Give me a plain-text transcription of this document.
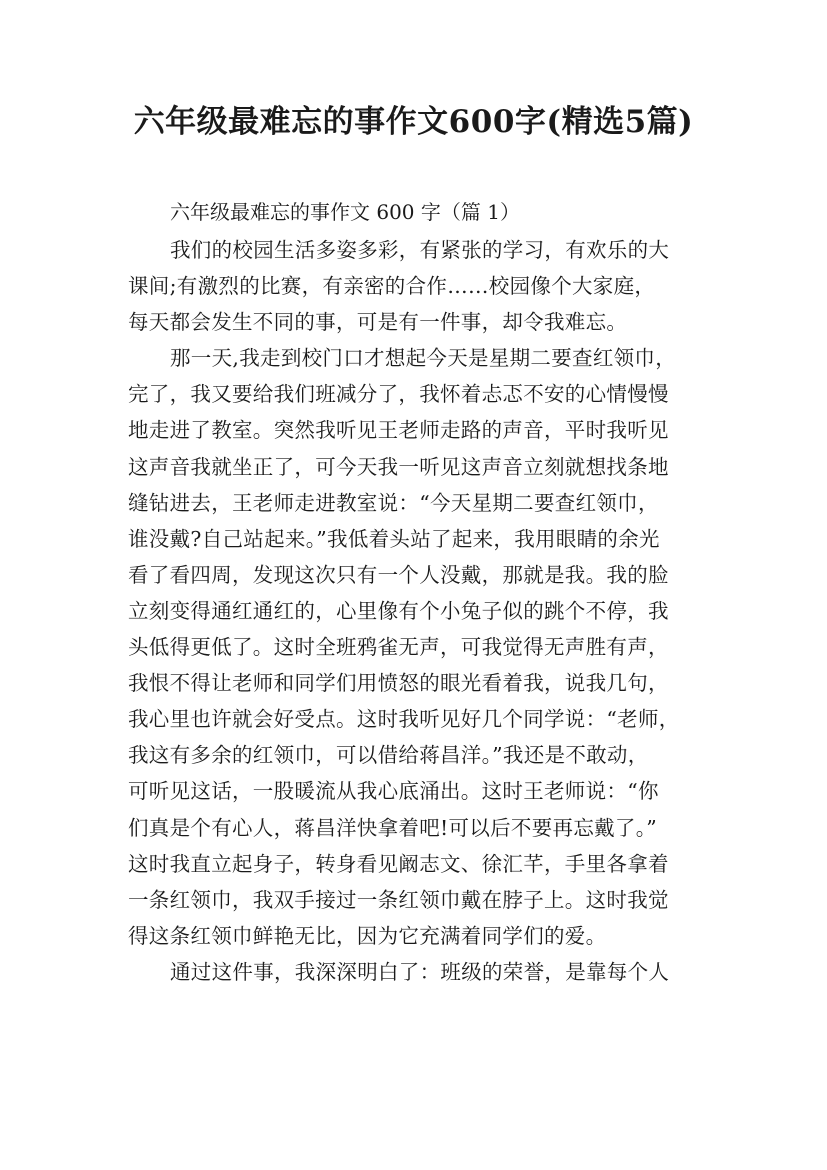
六年级最难忘的事作文600字(精选5篇)

六年级最难忘的事作文 600 字（篇 1）

我们的校园生活多姿多彩，有紧张的学习，有欢乐的大
课间;有激烈的比赛，有亲密的合作……校园像个大家庭，
每天都会发生不同的事，可是有一件事，却令我难忘。

那一天,我走到校门口才想起今天是星期二要查红领巾，
完了，我又要给我们班减分了，我怀着忐忑不安的心情慢慢
地走进了教室。突然我听见王老师走路的声音，平时我听见
这声音我就坐正了，可今天我一听见这声音立刻就想找条地
缝钻进去，王老师走进教室说：“今天星期二要查红领巾，
谁没戴?自己站起来。”我低着头站了起来，我用眼睛的余光
看了看四周，发现这次只有一个人没戴，那就是我。我的脸
立刻变得通红通红的，心里像有个小兔子似的跳个不停，我
头低得更低了。这时全班鸦雀无声，可我觉得无声胜有声，
我恨不得让老师和同学们用愤怒的眼光看着我，说我几句，
我心里也许就会好受点。这时我听见好几个同学说：“老师，
我这有多余的红领巾，可以借给蒋昌洋。”我还是不敢动，
可听见这话，一股暖流从我心底涌出。这时王老师说：“你
们真是个有心人，蒋昌洋快拿着吧!可以后不要再忘戴了。”
这时我直立起身子，转身看见阚志文、徐汇芊，手里各拿着
一条红领巾，我双手接过一条红领巾戴在脖子上。这时我觉
得这条红领巾鲜艳无比，因为它充满着同学们的爱。

通过这件事，我深深明白了：班级的荣誉，是靠每个人
